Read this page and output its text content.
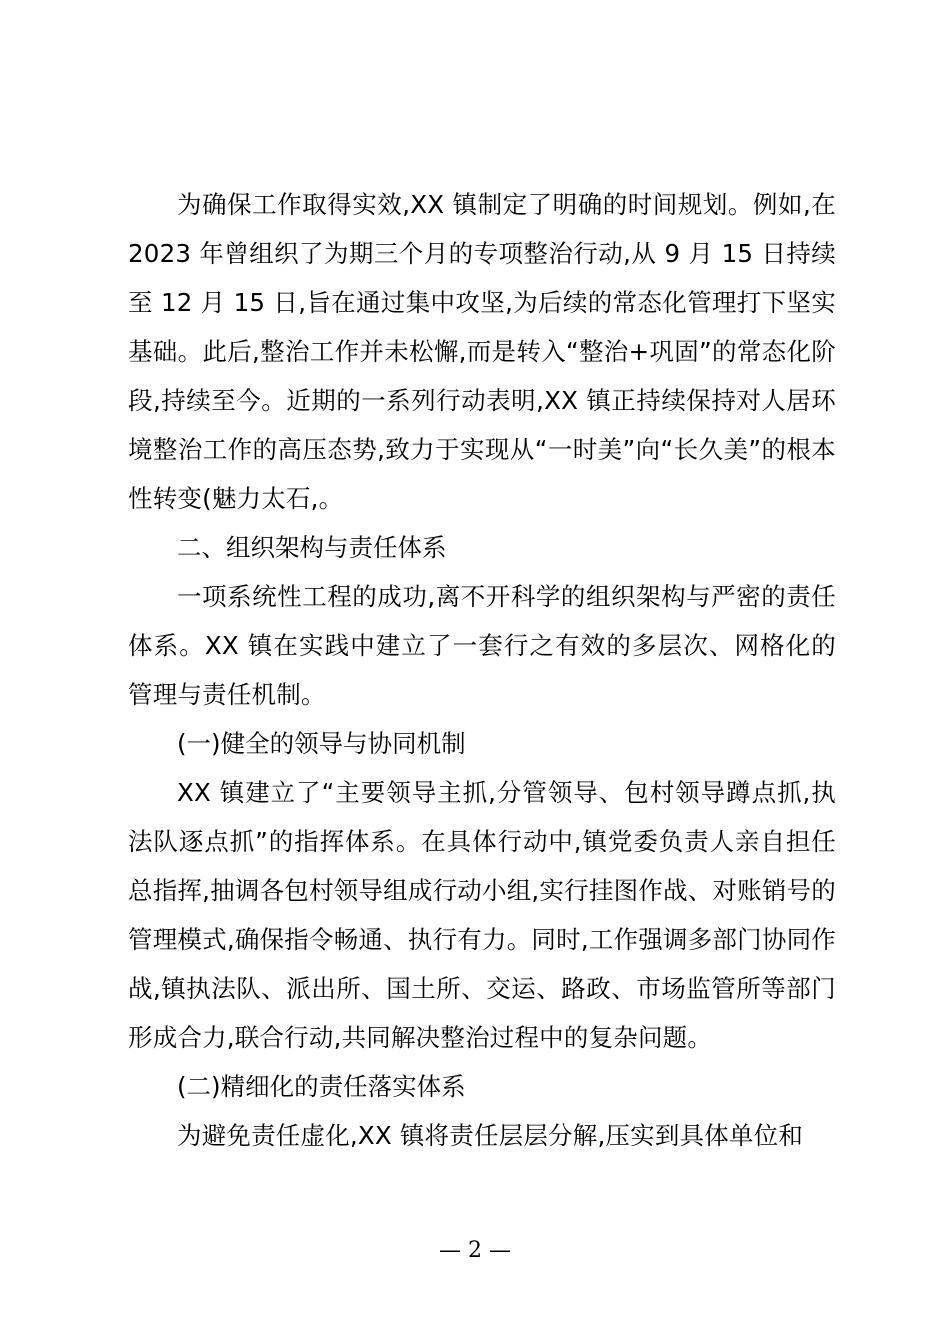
为确保工作取得实效,XX 镇制定了明确的时间规划。例如,在 2023 年曾组织了为期三个月的专项整治行动,从 9 月 15 日持续至 12 月 15 日,旨在通过集中攻坚,为后续的常态化管理打下坚实基础。此后,整治工作并未松懈,而是转入“整治+巩固”的常态化阶段,持续至今。近期的一系列行动表明,XX 镇正持续保持对人居环境整治工作的高压态势,致力于实现从“一时美”向“长久美”的根本性转变(魅力太石,。

二、组织架构与责任体系

一项系统性工程的成功,离不开科学的组织架构与严密的责任体系。XX 镇在实践中建立了一套行之有效的多层次、网格化的管理与责任机制。

(一)健全的领导与协同机制

XX 镇建立了“主要领导主抓,分管领导、包村领导蹲点抓,执法队逐点抓”的指挥体系。在具体行动中,镇党委负责人亲自担任总指挥,抽调各包村领导组成行动小组,实行挂图作战、对账销号的管理模式,确保指令畅通、执行有力。同时,工作强调多部门协同作战,镇执法队、派出所、国土所、交运、路政、市场监管所等部门形成合力,联合行动,共同解决整治过程中的复杂问题。

(二)精细化的责任落实体系

为避免责任虚化,XX 镇将责任层层分解,压实到具体单位和

— 2 —
